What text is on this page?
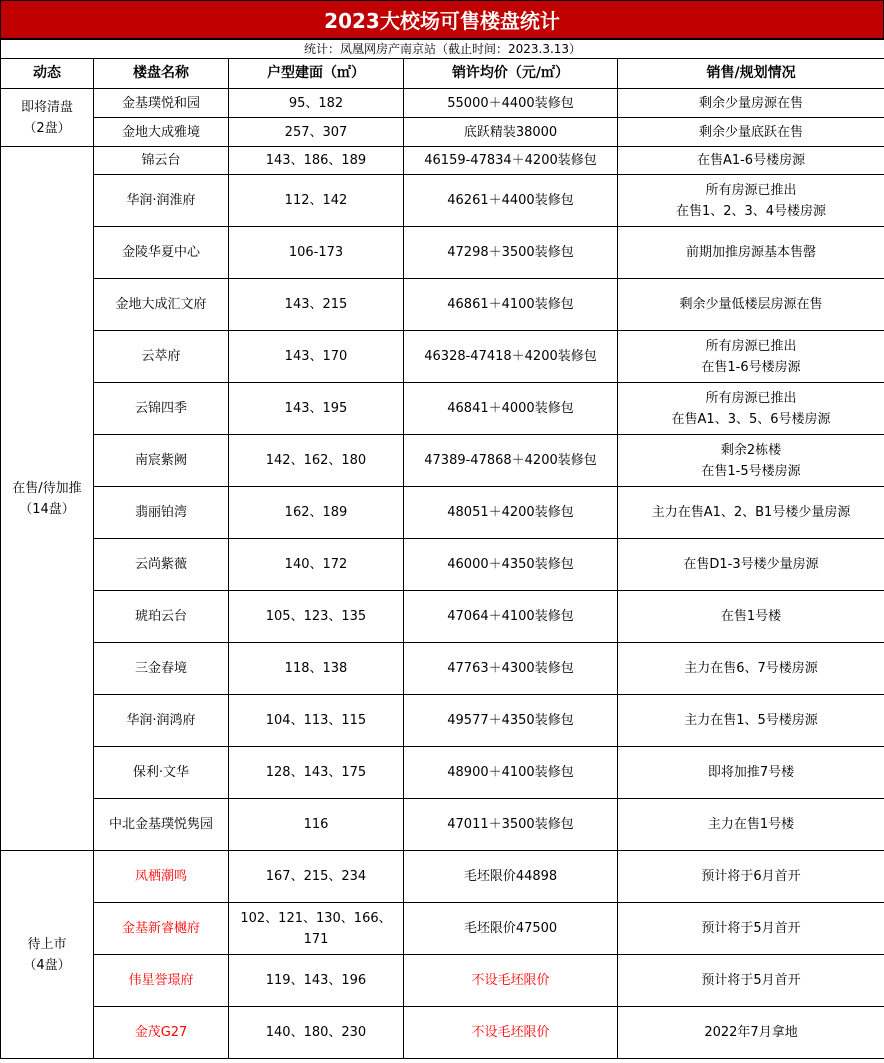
2023大校场可售楼盘统计
统计：凤凰网房产南京站（截止时间：2023.3.13）				
动态	楼盘名称	户型建面（㎡）	销许均价（元/㎡）	销售/规划情况
即将清盘
（2盘）	金基璞悦和园	95、182	55000＋4400装修包	剩余少量房源在售
	金地大成雅境	257、307	底跃精装38000	剩余少量底跃在售
在售/待加推
（14盘）	锦云台	143、186、189	46159-47834＋4200装修包	在售A1-6号楼房源
	华润·润淮府	112、142	46261＋4400装修包	所有房源已推出
在售1、2、3、4号楼房源
	金陵华夏中心	106-173	47298＋3500装修包	前期加推房源基本售罄
	金地大成汇文府	143、215	46861＋4100装修包	剩余少量低楼层房源在售
	云萃府	143、170	46328-47418＋4200装修包	所有房源已推出
在售1-6号楼房源
	云锦四季	143、195	46841＋4000装修包	所有房源已推出
在售A1、3、5、6号楼房源
	南宸紫阙	142、162、180	47389-47868＋4200装修包	剩余2栋楼
在售1-5号楼房源
	翡丽铂湾	162、189	48051＋4200装修包	主力在售A1、2、B1号楼少量房源
	云尚紫薇	140、172	46000＋4350装修包	在售D1-3号楼少量房源
	琥珀云台	105、123、135	47064＋4100装修包	在售1号楼
	三金春境	118、138	47763＋4300装修包	主力在售6、7号楼房源
	华润·润鸿府	104、113、115	49577＋4350装修包	主力在售1、5号楼房源
	保利·文华	128、143、175	48900＋4100装修包	即将加推7号楼
	中北金基璞悦隽园	116	47011＋3500装修包	主力在售1号楼
待上市
（4盘）	凤栖潮鸣	167、215、234	毛坯限价44898	预计将于6月首开
	金基新睿樾府	102、121、130、166、171	毛坯限价47500	预计将于5月首开
	伟星誉璟府	119、143、196	不设毛坯限价	预计将于5月首开
	金茂G27	140、180、230	不设毛坯限价	2022年7月拿地
